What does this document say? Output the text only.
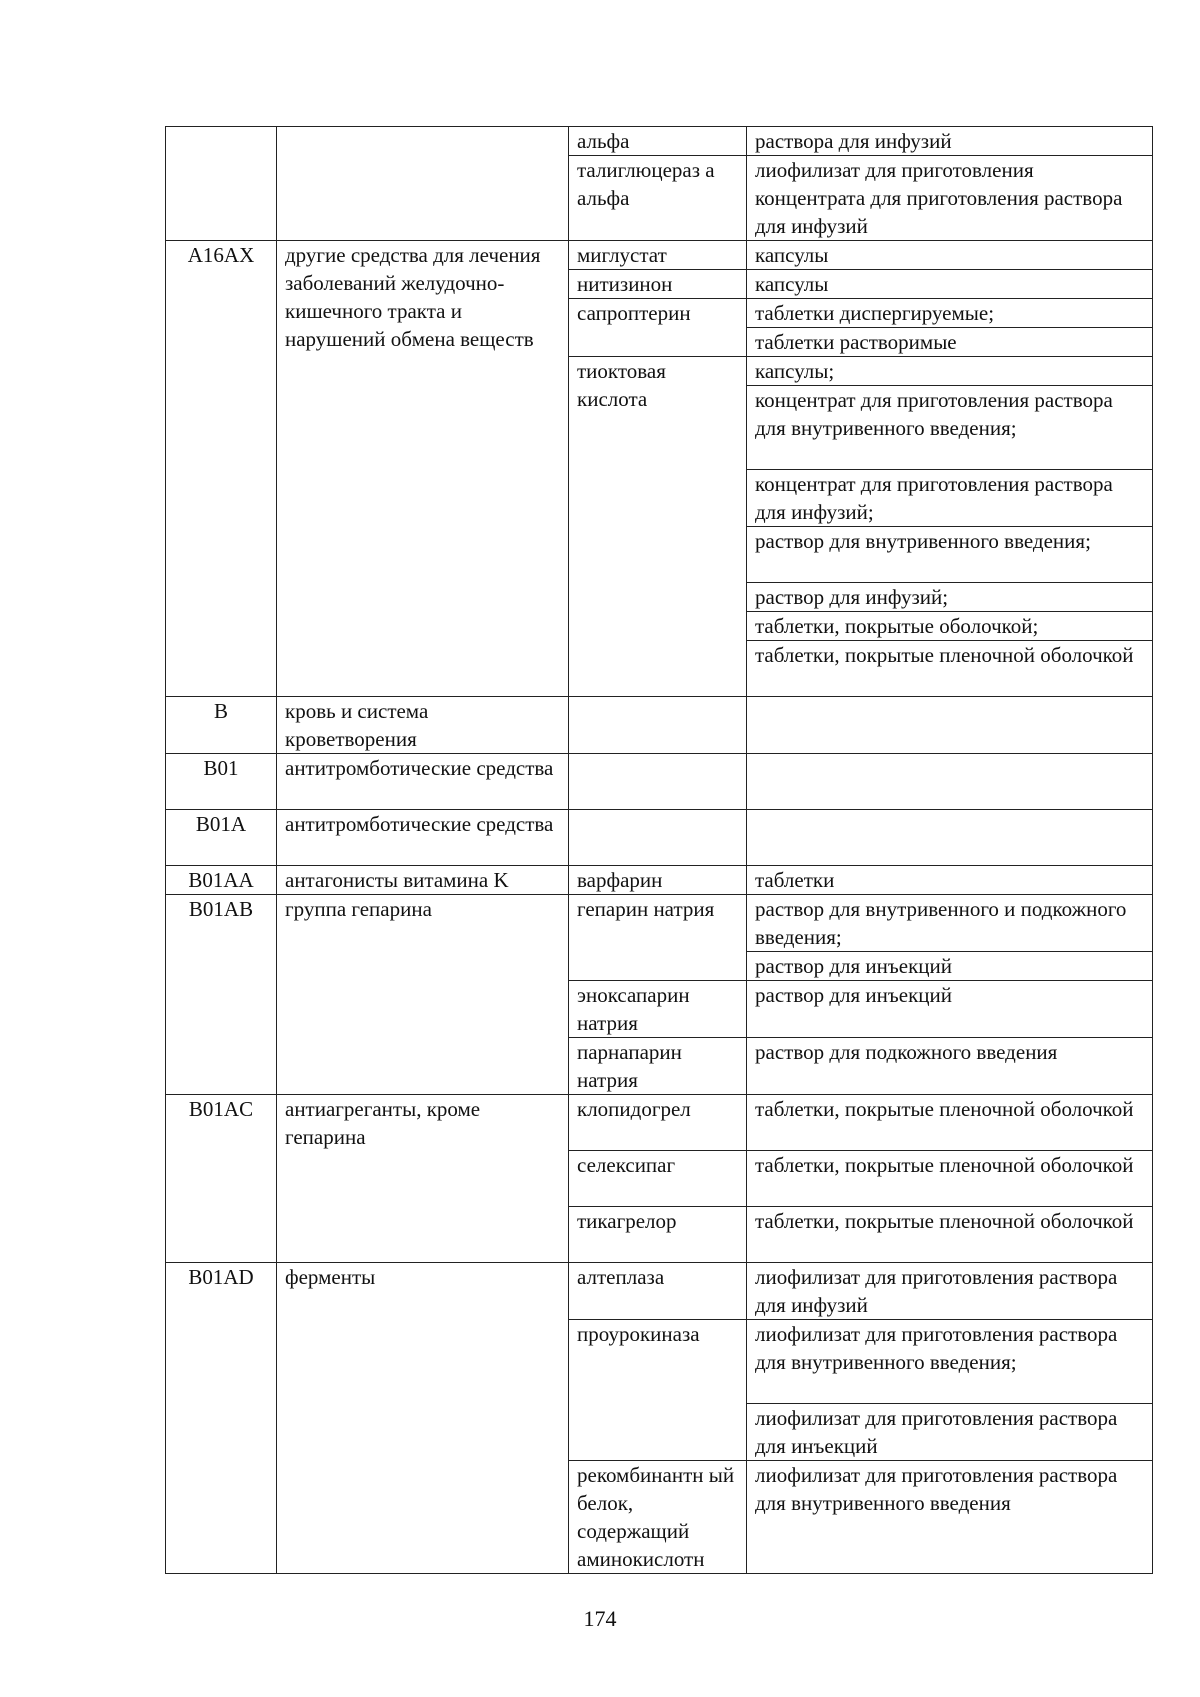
		альфа	раствора для инфузий
		талиглюцераз а альфа	лиофилизат для приготовления концентрата для приготовления раствора для инфузий
A16AX	другие средства для лечения заболеваний желудочно-кишечного тракта и нарушений обмена веществ	миглустат	капсулы
		нитизинон	капсулы
		сапроптерин	таблетки диспергируемые;
			таблетки растворимые
		тиоктовая кислота	капсулы;
			концентрат для приготовления раствора для внутривенного введения;
			концентрат для приготовления раствора для инфузий;
			раствор для внутривенного введения;
			раствор для инфузий;
			таблетки, покрытые оболочкой;
			таблетки, покрытые пленочной оболочкой
B	кровь и система кроветворения		
B01	антитромботические средства		
B01A	антитромботические средства		
B01AA	антагонисты витамина K	варфарин	таблетки
B01AB	группа гепарина	гепарин натрия	раствор для внутривенного и подкожного введения;
			раствор для инъекций
		эноксапарин натрия	раствор для инъекций
		парнапарин натрия	раствор для подкожного введения
B01AC	антиагреганты, кроме гепарина	клопидогрел	таблетки, покрытые пленочной оболочкой
		селексипаг	таблетки, покрытые пленочной оболочкой
		тикагрелор	таблетки, покрытые пленочной оболочкой
B01AD	ферменты	алтеплаза	лиофилизат для приготовления раствора для инфузий
		проурокиназа	лиофилизат для приготовления раствора для внутривенного введения;
			лиофилизат для приготовления раствора для инъекций
		рекомбинантн ый белок, содержащий аминокислотн	лиофилизат для приготовления раствора для внутривенного введения
174
